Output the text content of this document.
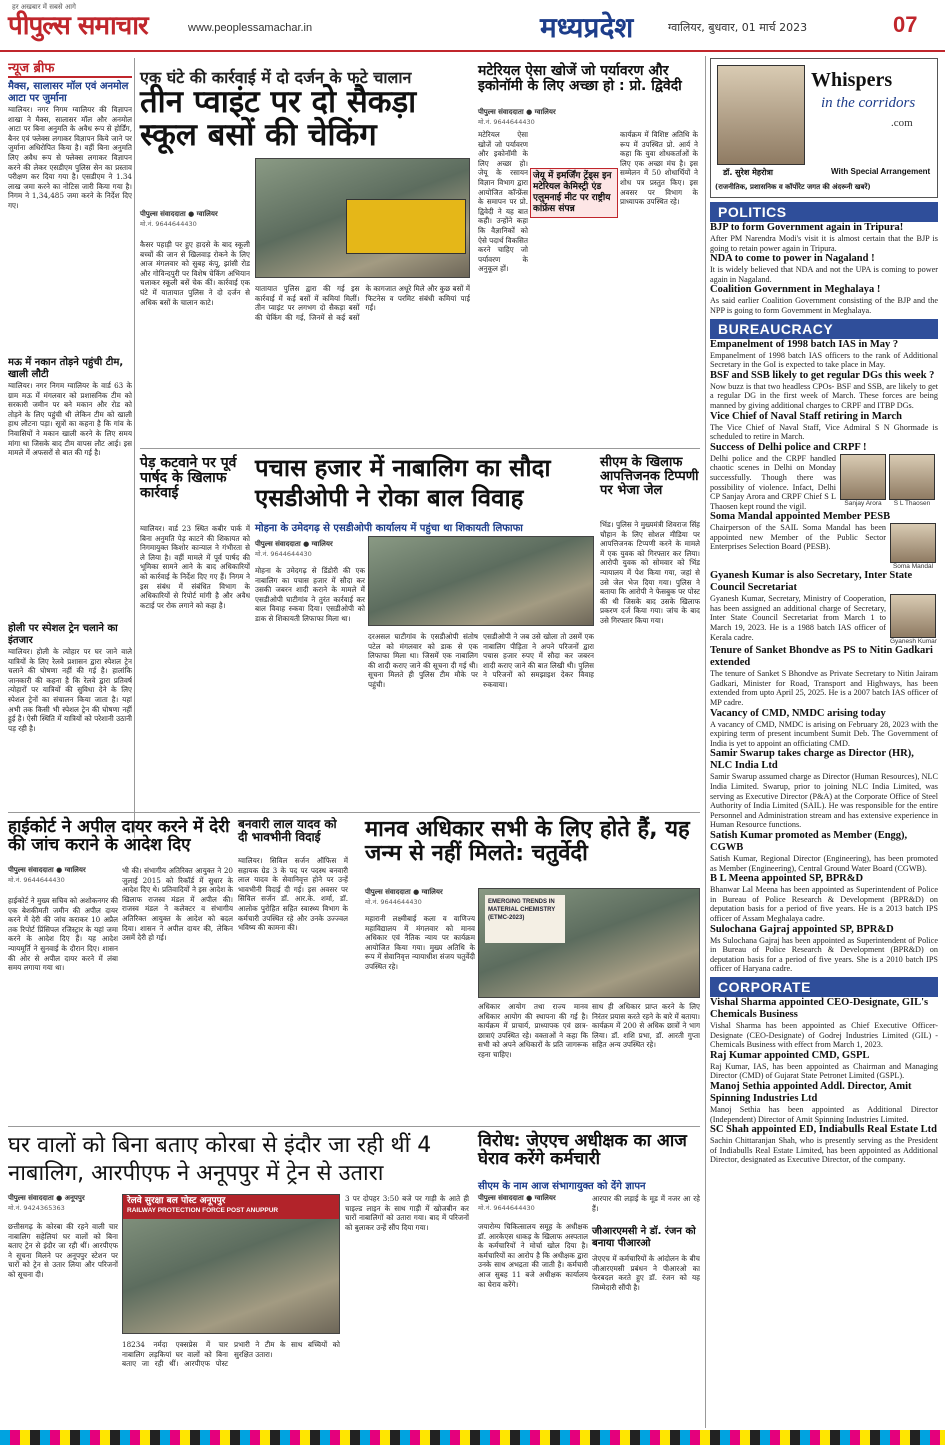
हर अखबार में सबसे आगे
पीपुल्स समाचार	www.peoplessamachar.in	मध्यप्रदेश	ग्वालियर, बुधवार, 01 मार्च 2023	07
न्यूज ब्रीफ
मैक्स, सालासर मॉल एवं अनमोल आटा पर जुर्माना
ग्वालियर। नगर निगम ग्वालियर की विज्ञापन शाखा ने मैक्स, सालासर मॉल और अनमोल आटा पर बिना अनुमति के अवैध रूप से होर्डिंग, बैनर एवं फ्लेक्स लगाकर विज्ञापन किये जाने पर जुर्माना अधिरोपित किया है। वहीं बिना अनुमति लिए अवैध रूप से फ्लेक्स लगाकर विज्ञापन करने की लेकर एसडीएम पुलिस सेन का प्रस्ताव परीक्षण कर दिया गया है। एसडीएम ने 1.34 लाख जमा करने का नोटिस जारी किया गया है। निगम ने 1,34,485 जमा करने के निर्देश दिए गए।
मऊ में नकान तोड़ने पहुंची टीम, खाली लौटी
ग्वालियर। नगर निगम ग्वालियर के वार्ड 63 के ग्राम मऊ में मंगलवार को प्रशासनिक टीम को सरकारी जमीन पर बने मकान और रोड को तोड़ने के लिए पहुंची थी लेकिन टीम को खाली हाथ लौटना पड़ा। सूत्रों का कहना है कि गांव के निवासियों ने मकान खाली करने के लिए समय मांगा था जिसके बाद टीम वापस लौट आई। इस मामले में अफसरों से बात की गई है।
होली पर स्पेशल ट्रेन चलाने का इंतजार
ग्वालियर। होली के त्योहार पर घर जाने वाले यात्रियों के लिए रेलवे प्रशासन द्वारा स्पेशल ट्रेन चलाने की घोषणा नहीं की गई है। हालांकि जानकारी की कहना है कि रेलवे द्वारा प्रतिवर्ष त्योहारों पर यात्रियों की सुविधा देने के लिए स्पेशल ट्रेनों का संचालन किया जाता है। यहां अभी तक किसी भी स्पेशल ट्रेन की घोषणा नहीं हुई है। ऐसी स्थिति में यात्रियों को परेशानी उठानी पड़ रही है।
एक घंटे की कार्रवाई में दो दर्जन के फटे चालान
तीन प्वाइंट पर दो सैकड़ा स्कूल बसों की चेकिंग
पीपुल्स संवाददाता ● ग्वालियर
मो.नं. 9644644430
कैसर पहाड़ी पर हुए हादसे के बाद स्कूली बच्चों की जान से खिलवाड़ रोकने के लिए आज मंगलवार को सुबह कंपू, झांसी रोड और गोविन्दपुरी पर विशेष चेकिंग अभियान चलाकर स्कूली बसें चेक कीं। कार्रवाई एक घंटे में यातायात पुलिस ने दो दर्जन से अधिक बसों के चालान काटे।
यातायात पुलिस द्वारा की गई इस कार्रवाई में कई बसों में कमियां मिलीं। तीन प्वाइंट पर लगभग दो सैकड़ा बसों की चेकिंग की गई, जिनमें से कई बसों के कागजात अधूरे मिले और कुछ बसों में फिटनेस व परमिट संबंधी कमियां पाई गईं।
मटेरियल ऐसा खोजें जो पर्यावरण और इकोनॉमी के लिए अच्छा हो : प्रो. द्विवेदी
पीपुल्स संवाददाता ● ग्वालियर
मो.नं. 9644644430
जेयू में इमर्जिंग ट्रेंड्स इन मटेरियल केमिस्ट्री एंड एलुमनाई मीट पर राष्ट्रीय कांफ्रेंस संपन्न
मटेरियल ऐसा खोजें जो पर्यावरण और इकोनॉमी के लिए अच्छा हो। जेयू के रसायन विज्ञान विभाग द्वारा आयोजित कॉन्फ्रेंस के समापन पर प्रो. द्विवेदी ने यह बात कही। उन्होंने कहा कि वैज्ञानिकों को ऐसे पदार्थ विकसित करने चाहिए जो पर्यावरण के अनुकूल हों।
कार्यक्रम में विशिष्ट अतिथि के रूप में उपस्थित प्रो. आर्य ने कहा कि युवा शोधकर्ताओं के लिए एक अच्छा मंच है। इस सम्मेलन में 50 शोधार्थियों ने शोध पत्र प्रस्तुत किए। इस अवसर पर विभाग के प्राध्यापक उपस्थित रहे।
पेड़ कटवाने पर पूर्व पार्षद के खिलाफ कार्रवाई
ग्वालियर। वार्ड 23 स्थित कबीर पार्क में बिना अनुमति पेड़ काटने की शिकायत को निगमायुक्त किशोर कान्याल ने गंभीरता से ले लिया है। वहीं मामले में पूर्व पार्षद की भूमिका सामने आने के बाद अधिकारियों को कार्रवाई के निर्देश दिए गए हैं। निगम ने इस संबंध में संबंधित विभाग के अधिकारियों से रिपोर्ट मांगी है और अवैध कटाई पर रोक लगाने को कहा है।
पचास हजार में नाबालिग का सौदा
एसडीओपी ने रोका बाल विवाह
मोहना के उमेदगढ़ से एसडीओपी कार्यालय में पहुंचा था शिकायती लिफाफा
पीपुल्स संवाददाता ● ग्वालियर
मो.नं. 9644644430
मोहना के उमेदगढ़ से डिंडोरी की एक नाबालिग का पचास हजार में सौदा कर उसकी जबरन शादी कराने के मामले में एसडीओपी घाटीगांव ने तुरंत कार्रवाई कर बाल विवाह रुकवा दिया। एसडीओपी को डाक से शिकायती लिफाफा मिला था।
दरअसल घाटीगांव के एसडीओपी संतोष पटेल को मंगलवार को डाक से एक लिफाफा मिला था। जिसमें एक नाबालिग की शादी कराए जाने की सूचना दी गई थी। सूचना मिलते ही पुलिस टीम मौके पर पहुंची।
एसडीओपी ने जब उसे खोला तो उसमें एक नाबालिग पीड़िता ने अपने परिजनों द्वारा पचास हजार रुपए में सौदा कर जबरन शादी कराए जाने की बात लिखी थी। पुलिस ने परिजनों को समझाइश देकर विवाह रुकवाया।
सीएम के खिलाफ आपत्तिजनक टिप्पणी पर भेजा जेल
भिंड। पुलिस ने मुख्यमंत्री शिवराज सिंह चौहान के लिए सोशल मीडिया पर आपत्तिजनक टिप्पणी करने के मामले में एक युवक को गिरफ्तार कर लिया। आरोपी युवक को सोमवार को भिंड न्यायालय में पेश किया गया, जहां से उसे जेल भेज दिया गया। पुलिस ने बताया कि आरोपी ने फेसबुक पर पोस्ट की थी जिसके बाद उसके खिलाफ प्रकरण दर्ज किया गया। जांच के बाद उसे गिरफ्तार किया गया।
हाईकोर्ट ने अपील दायर करने में देरी की जांच कराने के आदेश दिए
पीपुल्स संवाददाता ● ग्वालियर
मो.नं. 9644644430
हाईकोर्ट ने मुख्य सचिव को अशोकनगर की एक बेशकीमती जमीन की अपील दायर करने में देरी की जांच कराकर 10 अप्रैल तक रिपोर्ट प्रिंसिपल रजिस्ट्रार के यहां जमा करने के आदेश दिए हैं। यह आदेश न्यायमूर्ति ने सुनवाई के दौरान दिए। शासन की ओर से अपील दायर करने में लंबा समय लगाया गया था।
भी की। संभागीय अतिरिक्त आयुक्त ने 20 जुलाई 2015 को रिकॉर्ड में सुधार के आदेश दिए थे। प्रतिवादियों ने इस आदेश के खिलाफ राजस्व मंडल में अपील की। राजस्व मंडल ने कलेक्टर व संभागीय अतिरिक्त आयुक्त के आदेश को बदल दिया। शासन ने अपील दायर की, लेकिन उसमें देरी हो गई।
बनवारी लाल यादव को दी भावभीनी विदाई
ग्वालियर। सिविल सर्जन ऑफिस में सहायक ग्रेड 3 के पद पर पदस्थ बनवारी लाल यादव के सेवानिवृत्त होने पर उन्हें भावभीनी विदाई दी गई। इस अवसर पर सिविल सर्जन डॉ. आर.के. शर्मा, डॉ. आलोक पुरोहित सहित स्वास्थ्य विभाग के कर्मचारी उपस्थित रहे और उनके उज्ज्वल भविष्य की कामना की।
मानव अधिकार सभी के लिए होते हैं, यह जन्म से नहीं मिलते: चतुर्वेदी
पीपुल्स संवाददाता ● ग्वालियर
मो.नं. 9644644430	EMERGING TRENDS IN MATERIAL CHEMISTRY (ETMC-2023)
महारानी लक्ष्मीबाई कला व वाणिज्य महाविद्यालय में मंगलवार को मानव अधिकार एवं नैतिक न्याय पर कार्यक्रम आयोजित किया गया। मुख्य अतिथि के रूप में सेवानिवृत्त न्यायाधीश संजय चतुर्वेदी उपस्थित रहे।
अधिकार आयोग तथा राज्य मानव अधिकार आयोग की स्थापना की गई है। कार्यक्रम में प्राचार्य, प्राध्यापक एवं छात्र-छात्राएं उपस्थित रहे। वक्ताओं ने कहा कि सभी को अपने अधिकारों के प्रति जागरूक रहना चाहिए।
साथ ही अधिकार प्राप्त करने के लिए निरंतर प्रयास करते रहने के बारे में बताया। कार्यक्रम में 200 से अधिक छात्रों ने भाग लिया। डॉ. शशि प्रभा, डॉ. आरती गुप्ता सहित अन्य उपस्थित रहे।
घर वालों को बिना बताए कोरबा से इंदौर जा रही थीं 4 नाबालिग, आरपीएफ ने अनूपपुर में ट्रेन से उतारा
पीपुल्स संवाददाता ● अनूपपुर
मो.नं. 9424365363
रेलवे सुरक्षा बल पोस्ट अनूपपुर
RAILWAY PROTECTION FORCE POST ANUPPUR
छत्तीसगढ़ के कोरबा की रहने वाली चार नाबालिग सहेलियां घर वालों को बिना बताए ट्रेन से इंदौर जा रही थीं। आरपीएफ ने सूचना मिलने पर अनूपपुर स्टेशन पर चारों को ट्रेन से उतार लिया और परिजनों को सूचना दी।
18234 नर्मदा एक्सप्रेस में चार नाबालिग लड़कियां घर वालों को बिना बताए जा रही थीं। आरपीएफ पोस्ट प्रभारी ने टीम के साथ बच्चियों को सुरक्षित उतारा।
3 पर दोपहर 3:50 बजे पर गाड़ी के आते ही चाइल्ड लाइन के साथ गाड़ी में खोजबीन कर चारों नाबालिगों को उतारा गया। बाद में परिजनों को बुलाकर उन्हें सौंप दिया गया।
विरोध: जेएएच अधीक्षक का आज घेराव करेंगे कर्मचारी
सीएम के नाम आज संभागायुक्त को देंगे ज्ञापन
पीपुल्स संवाददाता ● ग्वालियर
मो.नं. 9644644430
जयारोग्य चिकित्सालय समूह के अधीक्षक डॉ. आरकेएस धाकड़ के खिलाफ अस्पताल के कर्मचारियों ने मोर्चा खोल दिया है। कर्मचारियों का आरोप है कि अधीक्षक द्वारा उनके साथ अभद्रता की जाती है। कर्मचारी आज सुबह 11 बजे अधीक्षक कार्यालय का घेराव करेंगे।
आरपार की लड़ाई के मूड में नजर आ रहे हैं।
जीआरएमसी ने डॉ. रंजन को बनाया पीआरओ
जेएएच में कर्मचारियों के आंदोलन के बीच जीआरएमसी प्रबंधन ने पीआरओ का फेरबदल करते हुए डॉ. रंजन को यह जिम्मेदारी सौंपी है।
Whispers
in the corridors
.com
डॉ. सुरेश मेहरोत्रा	With Special Arrangement
(राजनीतिक, प्रशासनिक व कॉर्पोरेट जगत की अंदरूनी खबरें)
POLITICS
BJP to form Government again in Tripura!
After PM Narendra Modi's visit it is almost certain that the BJP is going to retain power again in Tripura.
NDA to come to power in Nagaland !
It is widely believed that NDA and not the UPA is coming to power again in Nagaland.
Coalition Government in Meghalaya !
As said earlier Coalition Government consisting of the BJP and the NPP is going to form Government in Meghalaya.
BUREAUCRACY
Empanelment of 1998 batch IAS in May ?
Empanelment of 1998 batch IAS officers to the rank of Additional Secretary in the GoI is expected to take place in May.
BSF and SSB likely to get regular DGs this week ?
Now buzz is that two headless CPOs- BSF and SSB, are likely to get a regular DG in the first week of March. These forces are being manned by giving additional charges to CRPF and ITBP DGs.
Vice Chief of Naval Staff retiring in March
The Vice Chief of Naval Staff, Vice Admiral S N Ghormade is scheduled to retire in March.
Success of Delhi police and CRPF !
Delhi police and the CRPF handled chaotic scenes in Delhi on Monday successfully. Though there was possibility of violence. Infact, Delhi CP Sanjay Arora and CRPF Chief S L Thaosen kept round the vigil.	Sanjay Arora	S L Thaosen
Soma Mandal appointed Member PESB
Chairperson of the SAIL Soma Mandal has been appointed new Member of the Public Sector Enterprises Selection Board (PESB).
Soma Mandal
Gyanesh Kumar is also Secretary, Inter State Council Secretariat
Gyanesh Kumar, Secretary, Ministry of Cooperation, has been assigned an additional charge of Secretary, Inter State Council Secretariat from March 1 to March 19, 2023. He is a 1988 batch IAS officer of Kerala cadre.
Gyanesh Kumar
Tenure of Sanket Bhondve as PS to Nitin Gadkari extended
The tenure of Sanket S Bhondve as Private Secretary to Nitin Jairam Gadkari, Minister for Road, Transport and Highways, has been extended from upto April 25, 2025. He is a 2007 batch IAS officer of MP cadre.
Vacancy of CMD, NMDC arising today
A vacancy of CMD, NMDC is arising on February 28, 2023 with the expiring term of present incumbent Sumit Deb. The Government of India is yet to appoint an officiating CMD.
Samir Swarup takes charge as Director (HR), NLC India Ltd
Samir Swarup assumed charge as Director (Human Resources), NLC India Limited. Swarup, prior to joining NLC India Limited, was serving as Executive Director (P&A) at the Corporate Office of Steel Authority of India Limited (SAIL). He was responsible for the entire Personnel and Administration stream and has extensive experience in Human Resource functions.
Satish Kumar promoted as Member (Engg), CGWB
Satish Kumar, Regional Director (Engineering), has been promoted as Member (Engineering), Central Ground Water Board (CGWB).
B L Meena appointed SP, BPR&D
Bhanwar Lal Meena has been appointed as Superintendent of Police in Bureau of Police Research & Development (BPR&D) on deputation basis for a period of five years. He is a 2013 batch IPS officer of Assam Meghalaya cadre.
Sulochana Gajraj appointed SP, BPR&D
Ms Sulochana Gajraj has been appointed as Superintendent of Police in Bureau of Police Research & Development (BPR&D) on deputation basis for a period of five years. She is a 2010 batch IPS officer of Haryana cadre.
CORPORATE
Vishal Sharma appointed CEO-Designate, GIL's Chemicals Business
Vishal Sharma has been appointed as Chief Executive Officer- Designate (CEO-Designate) of Godrej Industries Limited (GIL) -Chemicals Business with effect from March 1, 2023.
Raj Kumar appointed CMD, GSPL
Raj Kumar, IAS, has been appointed as Chairman and Managing Director (CMD) of Gujarat State Petronet Limited (GSPL).
Manoj Sethia appointed Addl. Director, Amit Spinning Industries Ltd
Manoj Sethia has been appointed as Additional Director (Independent) Director of Amit Spinning Industries Limited.
SC Shah appointed ED, Indiabulls Real Estate Ltd
Sachin Chittaranjan Shah, who is presently serving as the President of Indiabulls Real Estate Limited, has been appointed as Additional Director, designated as Executive Director, of the company.
